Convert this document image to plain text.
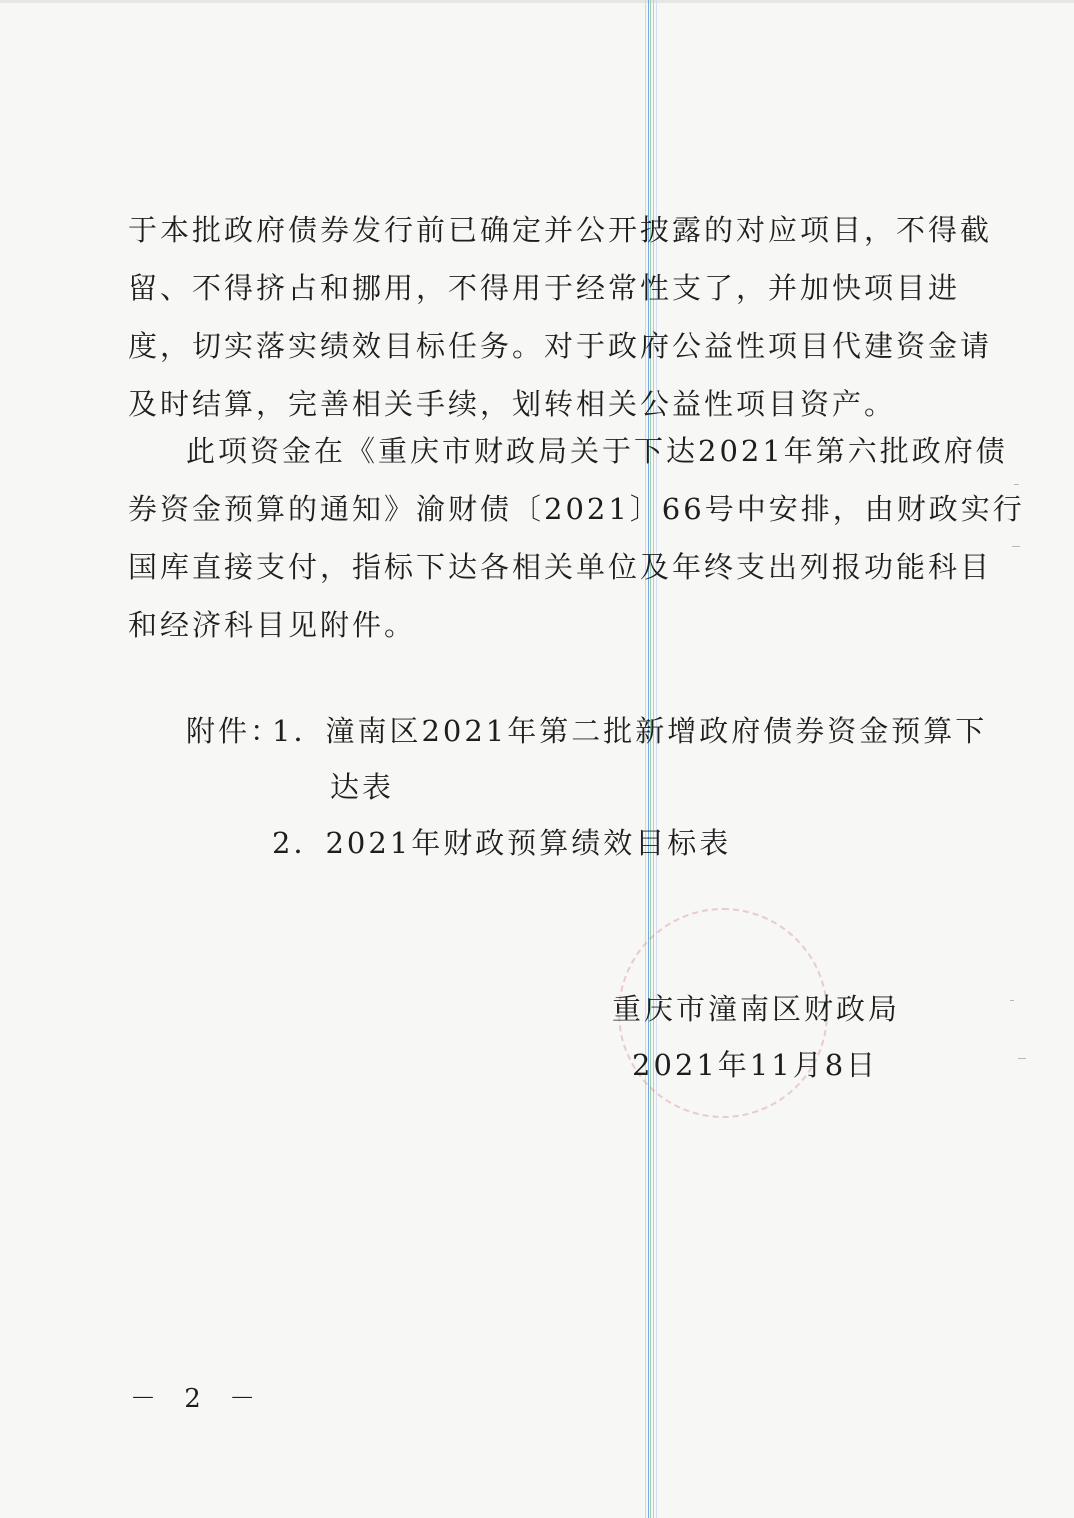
于本批政府债券发行前已确定并公开披露的对应项目，不得截
留、不得挤占和挪用，不得用于经常性支了，并加快项目进
度，切实落实绩效目标任务。对于政府公益性项目代建资金请
及时结算，完善相关手续，划转相关公益性项目资产。
此项资金在《重庆市财政局关于下达2021年第六批政府债
券资金预算的通知》渝财债〔2021〕66号中安排，由财政实行
国库直接支付，指标下达各相关单位及年终支出列报功能科目
和经济科目见附件。
附件：
1．潼南区2021年第二批新增政府债券资金预算下
达表
2．2021年财政预算绩效目标表
重庆市潼南区财政局
2021年11月8日
－ 2 －
